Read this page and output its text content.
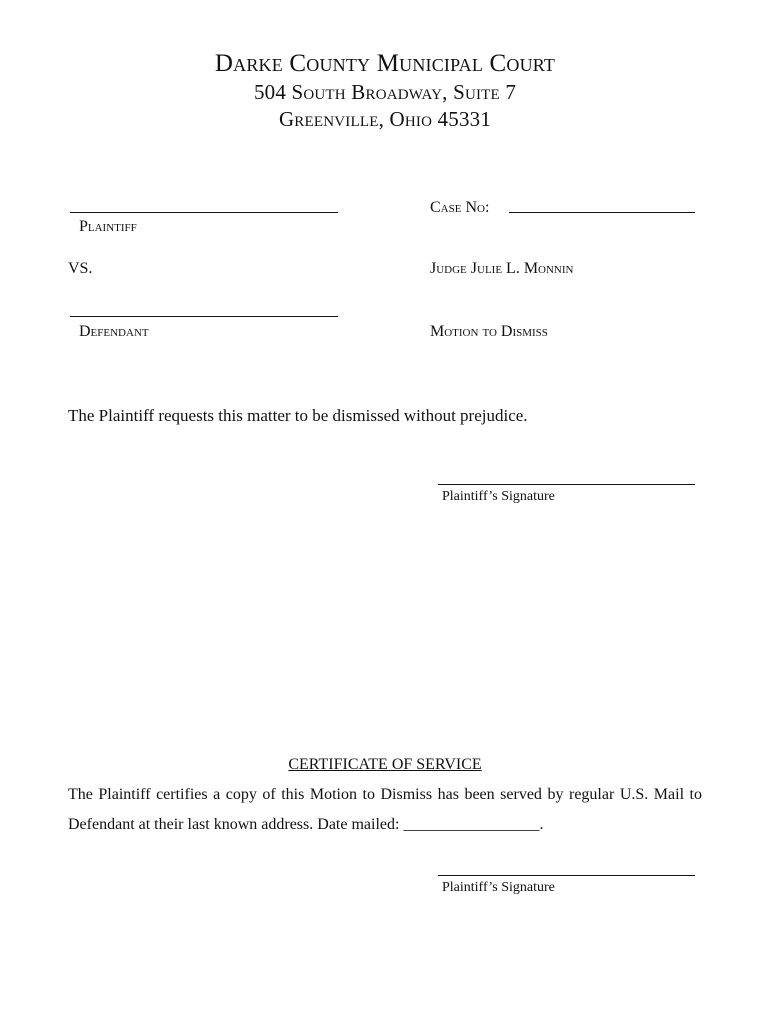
Darke County Municipal Court
504 South Broadway, Suite 7
Greenville, Ohio 45331
Plaintiff
Case No:
VS.	Judge Julie L. Monnin
Defendant	Motion to Dismiss
The Plaintiff requests this matter to be dismissed without prejudice.
Plaintiff’s Signature
CERTIFICATE OF SERVICE
The Plaintiff certifies a copy of this Motion to Dismiss has been served by regular U.S. Mail to
Defendant at their last known address. Date mailed: _________________.
Plaintiff’s Signature
